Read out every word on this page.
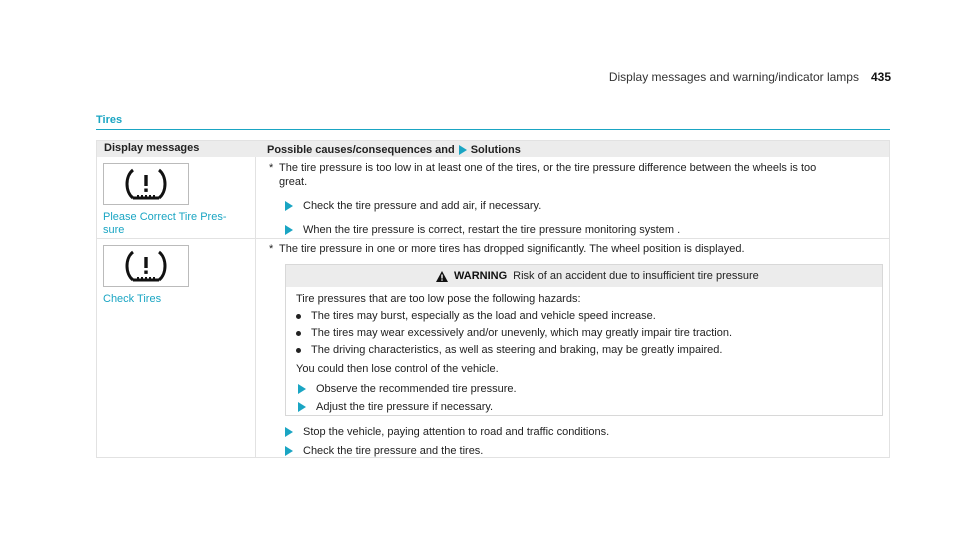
Display messages and warning/indicator lamps 435
Tires
Display messages	Possible causes/consequences and Solutions
Please Correct Tire Pres-
sure
* The tire pressure is too low in at least one of the tires, or the tire pressure difference between the wheels is too
great.
Check the tire pressure and add air, if necessary.
When the tire pressure is correct, restart the tire pressure monitoring system .
Check Tires
* The tire pressure in one or more tires has dropped significantly. The wheel position is displayed.
WARNING Risk of an accident due to insufficient tire pressure
Tire pressures that are too low pose the following hazards:
The tires may burst, especially as the load and vehicle speed increase.
The tires may wear excessively and/or unevenly, which may greatly impair tire traction.
The driving characteristics, as well as steering and braking, may be greatly impaired.
You could then lose control of the vehicle.
Observe the recommended tire pressure.
Adjust the tire pressure if necessary.
Stop the vehicle, paying attention to road and traffic conditions.
Check the tire pressure and the tires.
